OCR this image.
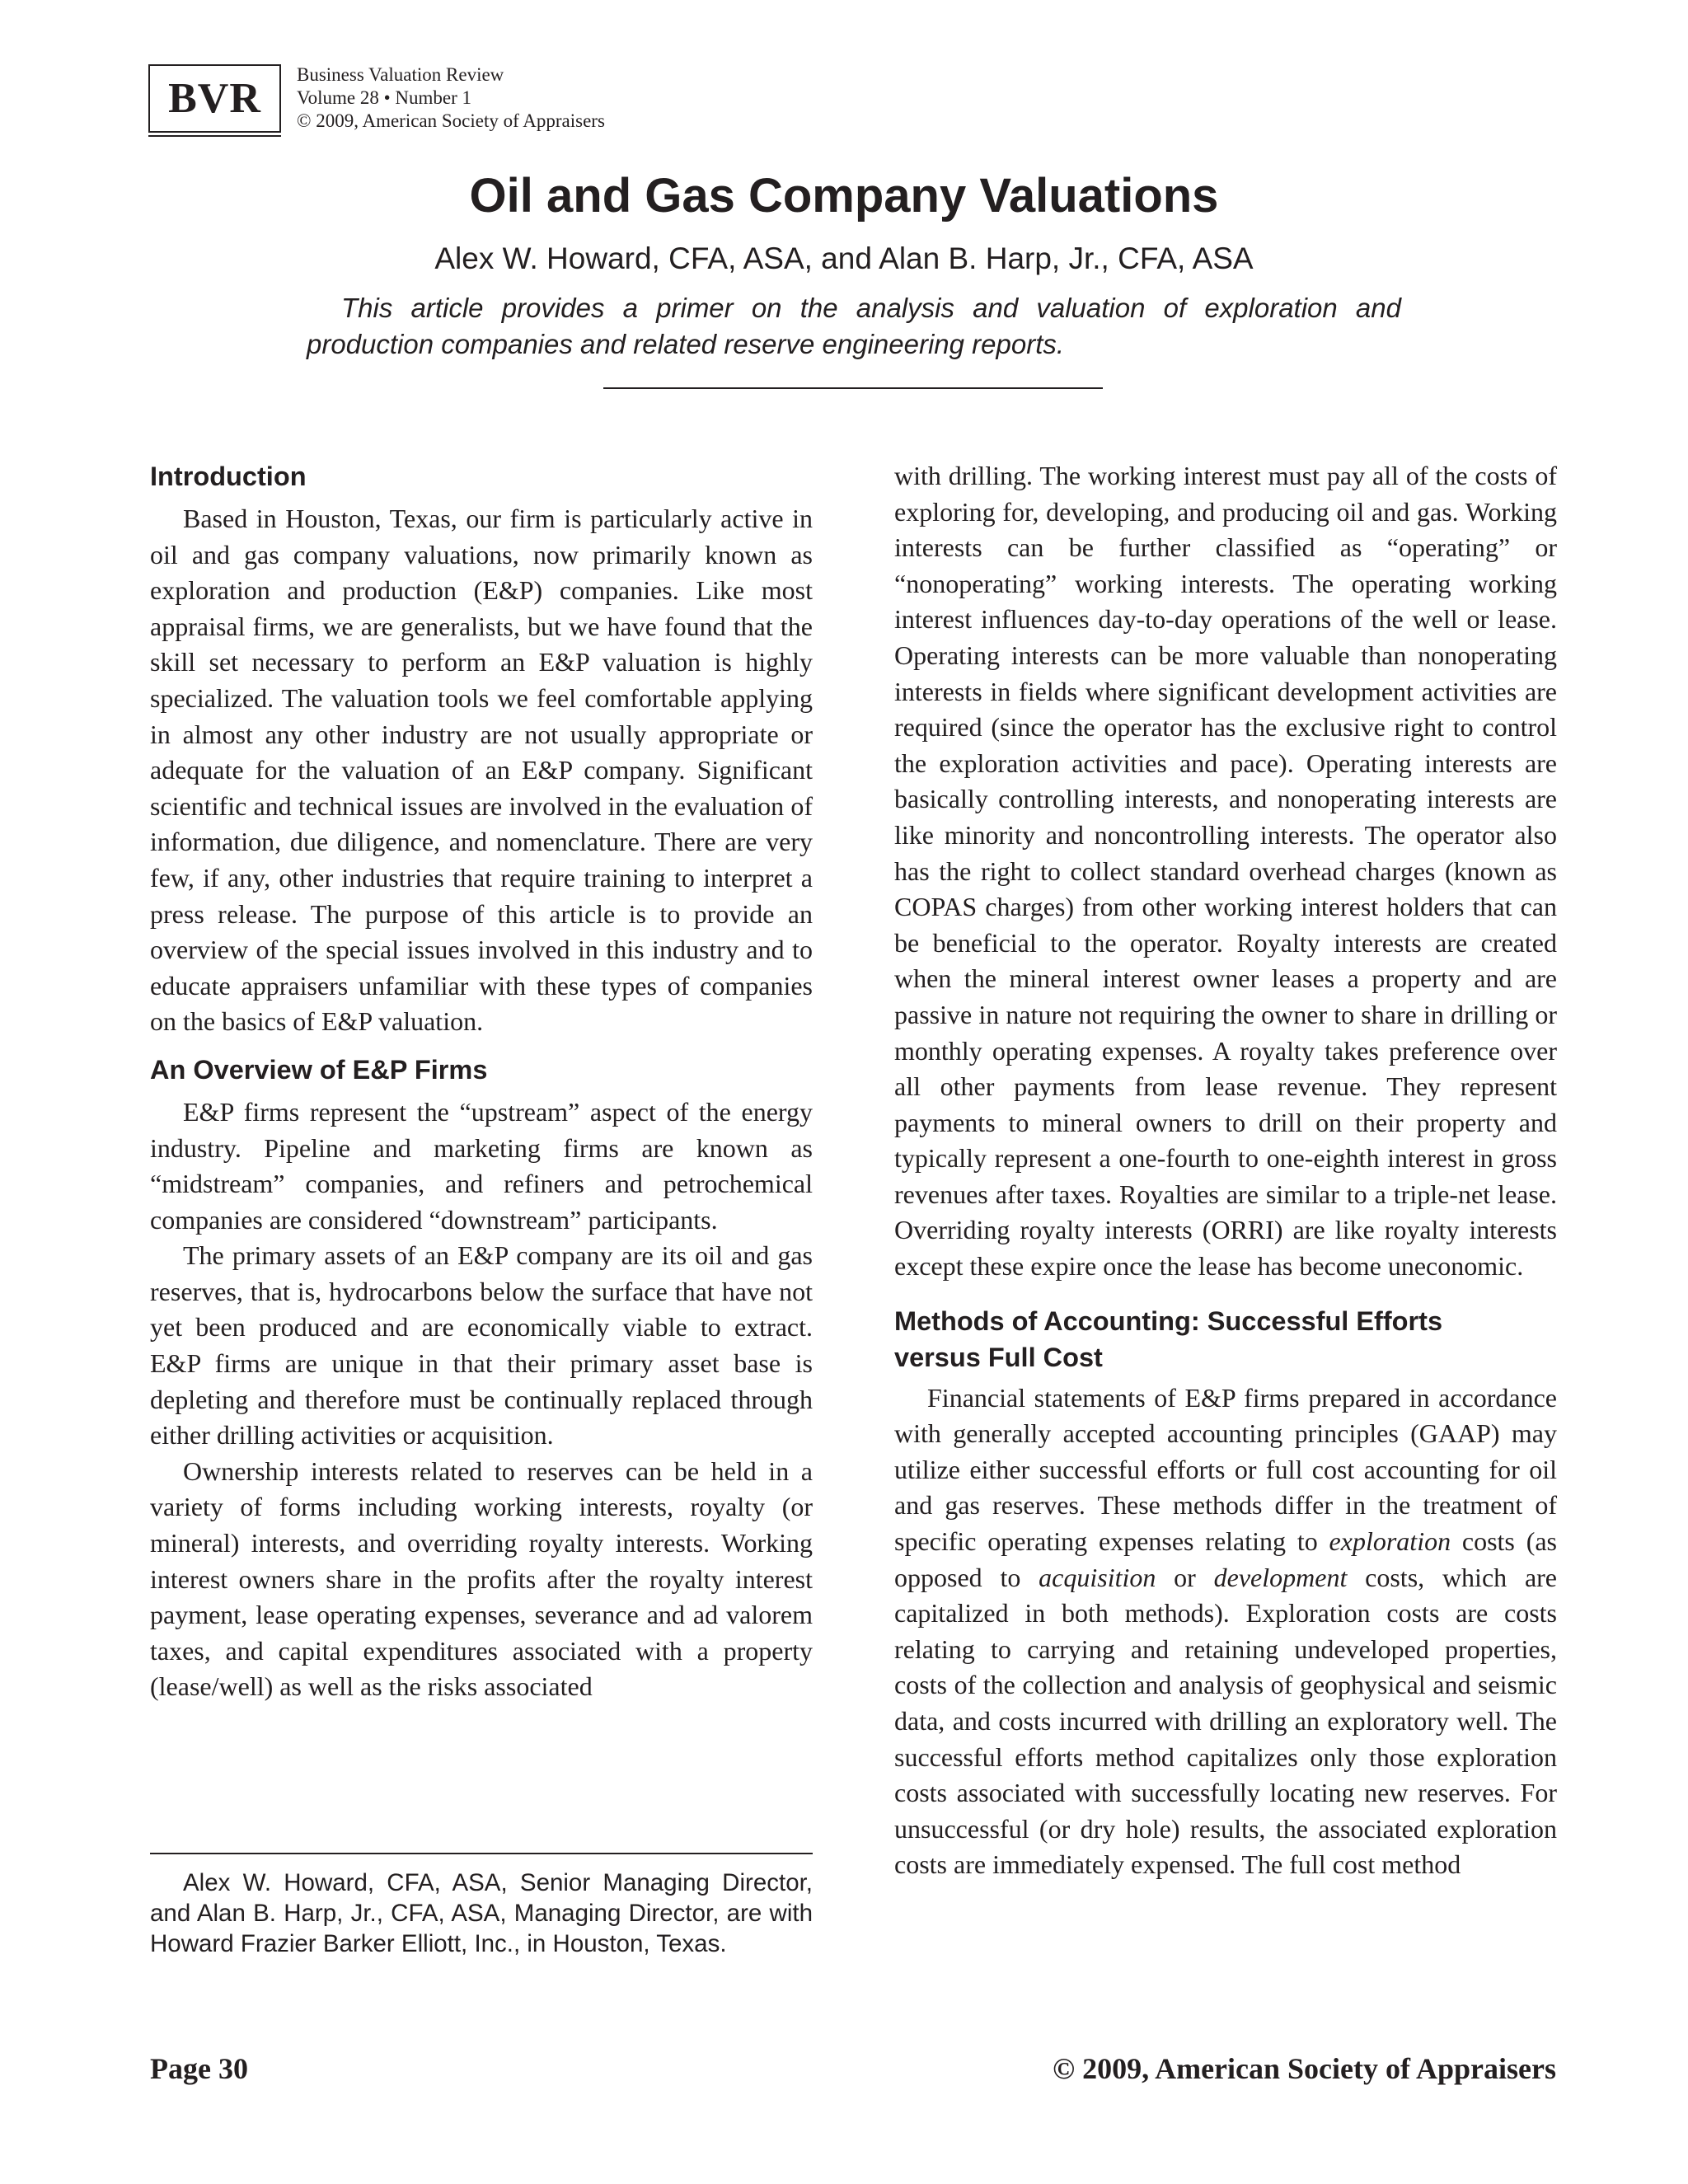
BVR
Business Valuation Review
Volume 28 • Number 1
© 2009, American Society of Appraisers
Oil and Gas Company Valuations
Alex W. Howard, CFA, ASA, and Alan B. Harp, Jr., CFA, ASA
This article provides a primer on the analysis and valuation of exploration and production companies and related reserve engineering reports.
Introduction

Based in Houston, Texas, our firm is particularly active in oil and gas company valuations, now primarily known as exploration and production (E&P) companies. Like most appraisal firms, we are generalists, but we have found that the skill set necessary to perform an E&P valuation is highly specialized. The valuation tools we feel comfortable applying in almost any other industry are not usually appropriate or adequate for the valuation of an E&P company. Significant scientific and technical issues are involved in the evaluation of information, due diligence, and nomenclature. There are very few, if any, other industries that require training to interpret a press release. The purpose of this article is to provide an overview of the special issues involved in this industry and to educate appraisers unfamiliar with these types of companies on the basics of E&P valuation.

An Overview of E&P Firms

E&P firms represent the “upstream” aspect of the energy industry. Pipeline and marketing firms are known as “midstream” companies, and refiners and petrochemical companies are considered “downstream” participants.

The primary assets of an E&P company are its oil and gas reserves, that is, hydrocarbons below the surface that have not yet been produced and are economically viable to extract. E&P firms are unique in that their primary asset base is depleting and therefore must be continually replaced through either drilling activities or acquisition.

Ownership interests related to reserves can be held in a variety of forms including working interests, royalty (or mineral) interests, and overriding royalty interests. Working interest owners share in the profits after the royalty interest payment, lease operating expenses, severance and ad valorem taxes, and capital expenditures associated with a property (lease/well) as well as the risks associated

with drilling. The working interest must pay all of the costs of exploring for, developing, and producing oil and gas. Working interests can be further classified as “operating” or “nonoperating” working interests. The operating working interest influences day-to-day operations of the well or lease. Operating interests can be more valuable than nonoperating interests in fields where significant development activities are required (since the operator has the exclusive right to control the exploration activities and pace). Operating interests are basically controlling interests, and nonoperating interests are like minority and noncontrolling interests. The operator also has the right to collect standard overhead charges (known as COPAS charges) from other working interest holders that can be beneficial to the operator. Royalty interests are created when the mineral interest owner leases a property and are passive in nature not requiring the owner to share in drilling or monthly operating expenses. A royalty takes preference over all other payments from lease revenue. They represent payments to mineral owners to drill on their property and typically represent a one-fourth to one-eighth interest in gross revenues after taxes. Royalties are similar to a triple-net lease. Overriding royalty interests (ORRI) are like royalty interests except these expire once the lease has become uneconomic.

Methods of Accounting: Successful Efforts
versus Full Cost

Financial statements of E&P firms prepared in accordance with generally accepted accounting principles (GAAP) may utilize either successful efforts or full cost accounting for oil and gas reserves. These methods differ in the treatment of specific operating expenses relating to exploration costs (as opposed to acquisition or development costs, which are capitalized in both methods). Exploration costs are costs relating to carrying and retaining undeveloped properties, costs of the collection and analysis of geophysical and seismic data, and costs incurred with drilling an exploratory well. The successful efforts method capitalizes only those exploration costs associated with successfully locating new reserves. For unsuccessful (or dry hole) results, the associated exploration costs are immediately expensed. The full cost method

Alex W. Howard, CFA, ASA, Senior Managing Director, and Alan B. Harp, Jr., CFA, ASA, Managing Director, are with Howard Frazier Barker Elliott, Inc., in Houston, Texas.
Page 30	© 2009, American Society of Appraisers
